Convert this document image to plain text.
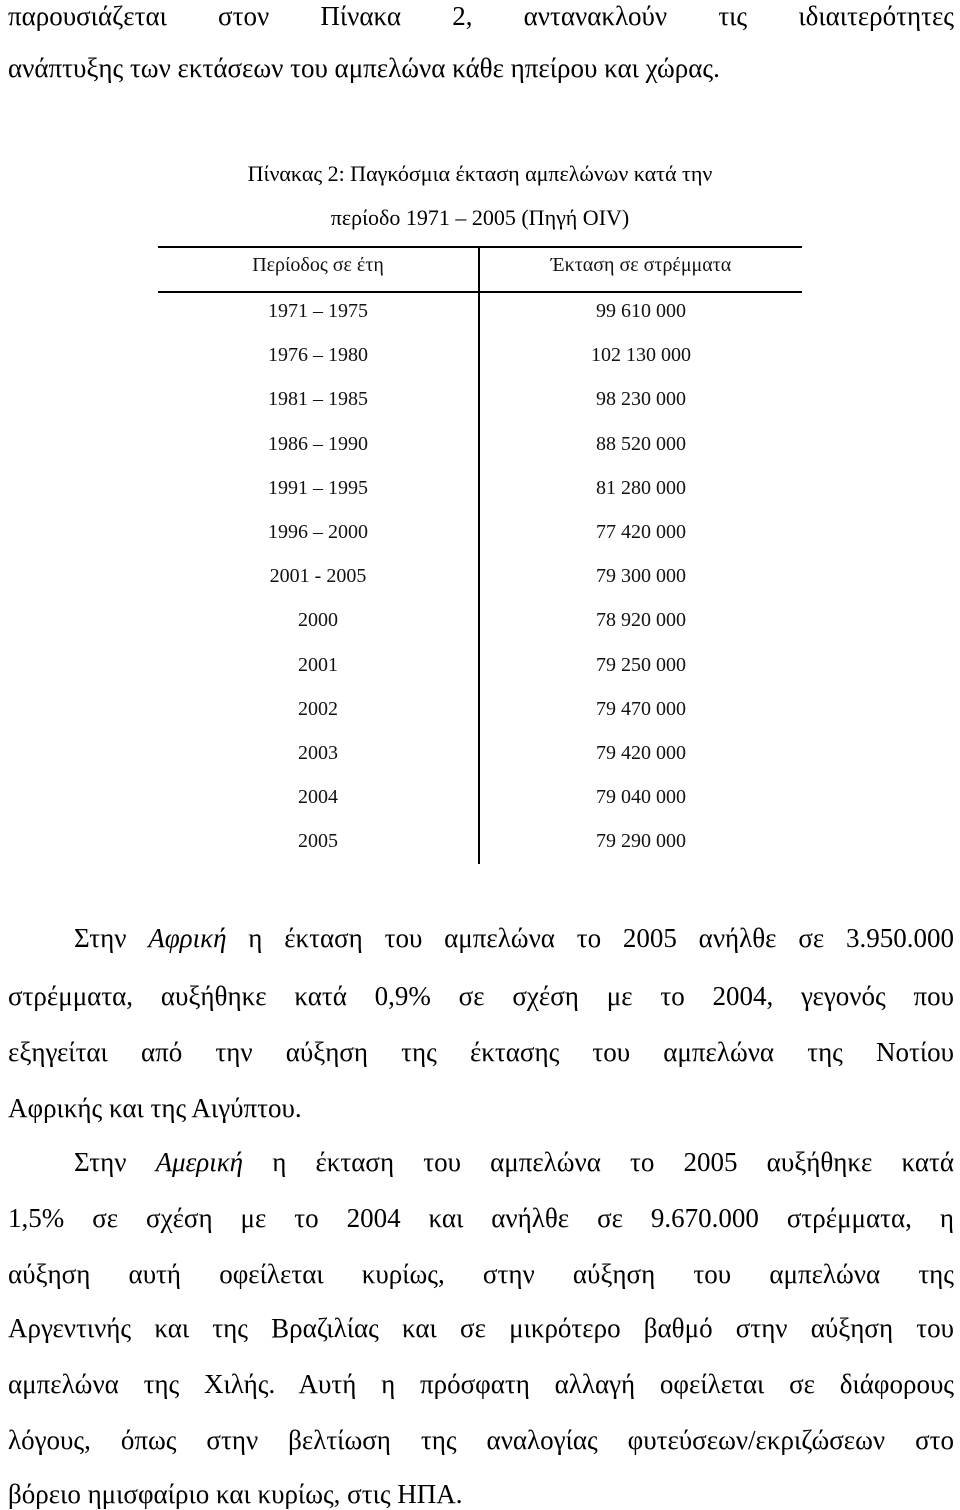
παρουσιάζεται στον Πίνακα 2, αντανακλούν τις ιδιαιτερότητες
ανάπτυξης των εκτάσεων του αμπελώνα κάθε ηπείρου και χώρας.
Πίνακας 2: Παγκόσμια έκταση αμπελώνων κατά την
περίοδο 1971 – 2005 (Πηγή OIV)
Περίοδος σε έτη	Έκταση σε στρέμματα
1971 – 1975	99 610 000
1976 – 1980	102 130 000
1981 – 1985	98 230 000
1986 – 1990	88 520 000
1991 – 1995	81 280 000
1996 – 2000	77 420 000
2001 - 2005	79 300 000
2000	78 920 000
2001	79 250 000
2002	79 470 000
2003	79 420 000
2004	79 040 000
2005	79 290 000
Στην Αφρική η έκταση του αμπελώνα το 2005 ανήλθε σε 3.950.000
στρέμματα, αυξήθηκε κατά 0,9% σε σχέση με το 2004, γεγονός που
εξηγείται από την αύξηση της έκτασης του αμπελώνα της Νοτίου
Αφρικής και της Αιγύπτου.
Στην Αμερική η έκταση του αμπελώνα το 2005 αυξήθηκε κατά
1,5% σε σχέση με το 2004 και ανήλθε σε 9.670.000 στρέμματα, η
αύξηση αυτή οφείλεται κυρίως, στην αύξηση του αμπελώνα της
Αργεντινής και της Βραζιλίας και σε μικρότερο βαθμό στην αύξηση του
αμπελώνα της Χιλής. Αυτή η πρόσφατη αλλαγή οφείλεται σε διάφορους
λόγους, όπως στην βελτίωση της αναλογίας φυτεύσεων/εκριζώσεων στο
βόρειο ημισφαίριο και κυρίως, στις ΗΠΑ.
